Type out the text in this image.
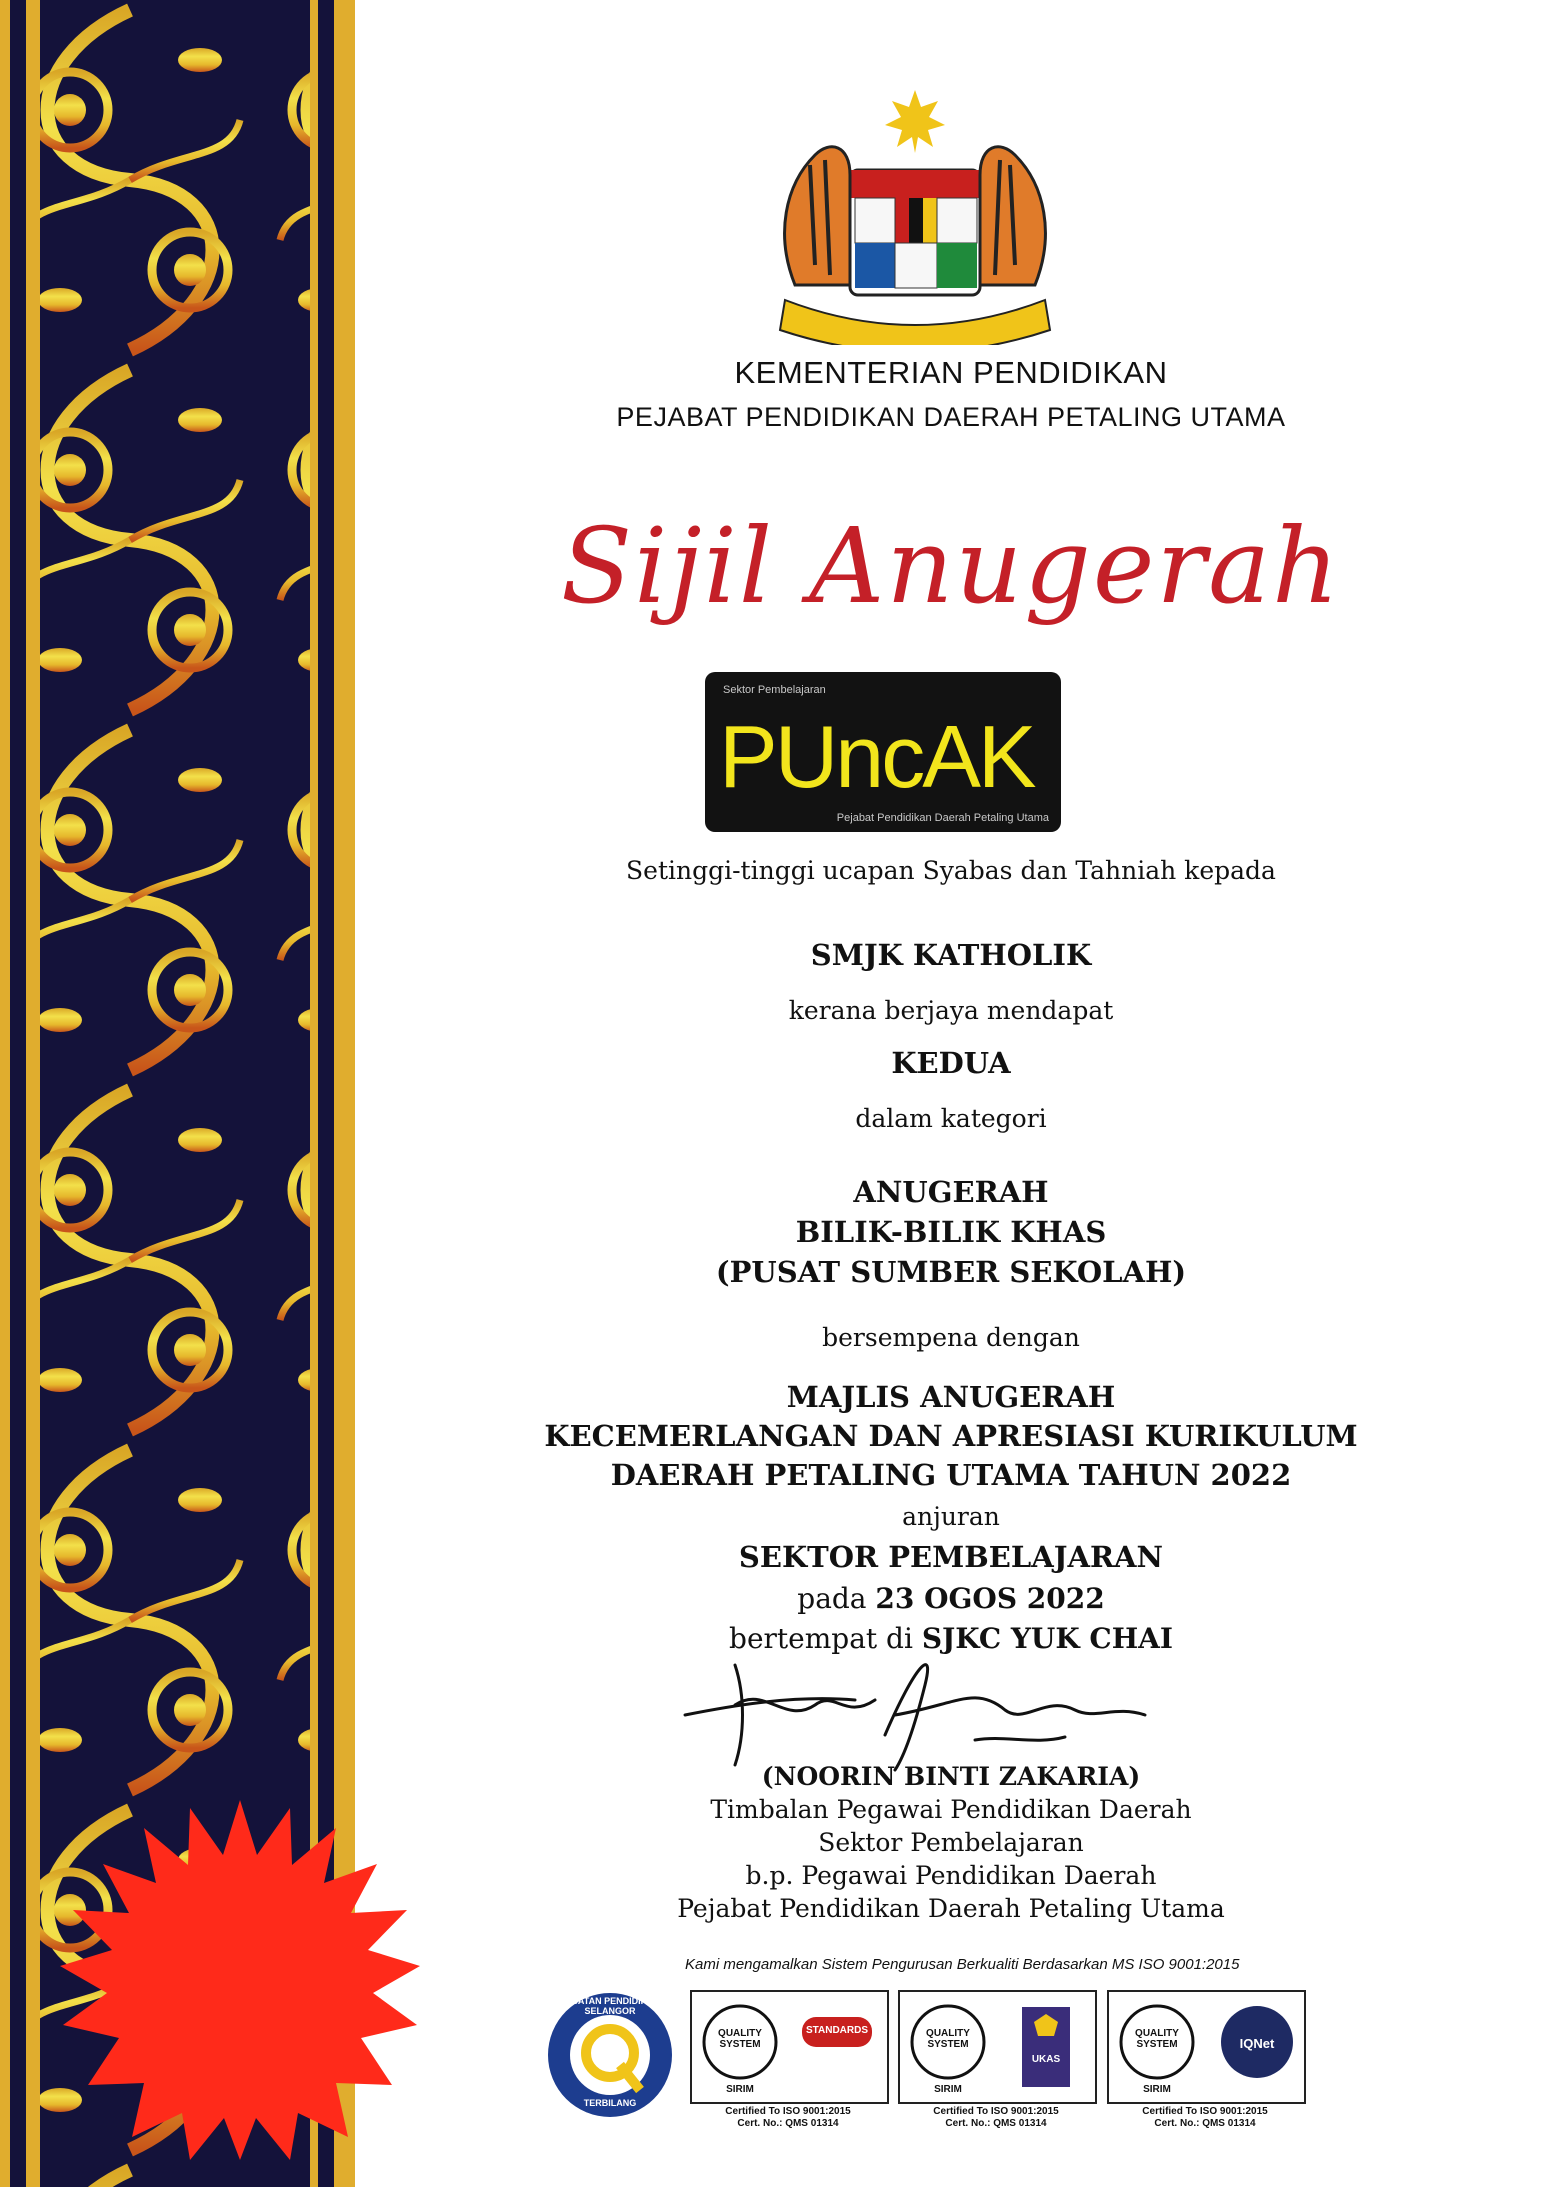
KEMENTERIAN PENDIDIKAN
PEJABAT PENDIDIKAN DAERAH PETALING UTAMA
Sijil Anugerah
Sektor Pembelajaran
PUncAK
Pejabat Pendidikan Daerah Petaling Utama
Setinggi-tinggi ucapan Syabas dan Tahniah kepada
SMJK KATHOLIK
kerana berjaya mendapat
KEDUA
dalam kategori
ANUGERAH
BILIK-BILIK KHAS
(PUSAT SUMBER SEKOLAH)
bersempena dengan
MAJLIS ANUGERAH
KECEMERLANGAN DAN APRESIASI KURIKULUM
DAERAH PETALING UTAMA TAHUN 2022
anjuran
SEKTOR PEMBELAJARAN
pada 23 OGOS 2022
bertempat di SJKC YUK CHAI
(NOORIN BINTI ZAKARIA)
Timbalan Pegawai Pendidikan Daerah
Sektor Pembelajaran
b.p. Pegawai Pendidikan Daerah
Pejabat Pendidikan Daerah Petaling Utama
Kami mengamalkan Sistem Pengurusan Berkualiti Berdasarkan MS ISO 9001:2015
JABATAN PENDIDIKAN SELANGOR
TERBILANG
QUALITY SYSTEM
SIRIM
STANDARDS
Certified To ISO 9001:2015
Cert. No.: QMS 01314
QUALITY SYSTEM
SIRIM
UKAS
Certified To ISO 9001:2015
Cert. No.: QMS 01314
QUALITY SYSTEM
SIRIM
IQNet
Certified To ISO 9001:2015
Cert. No.: QMS 01314
